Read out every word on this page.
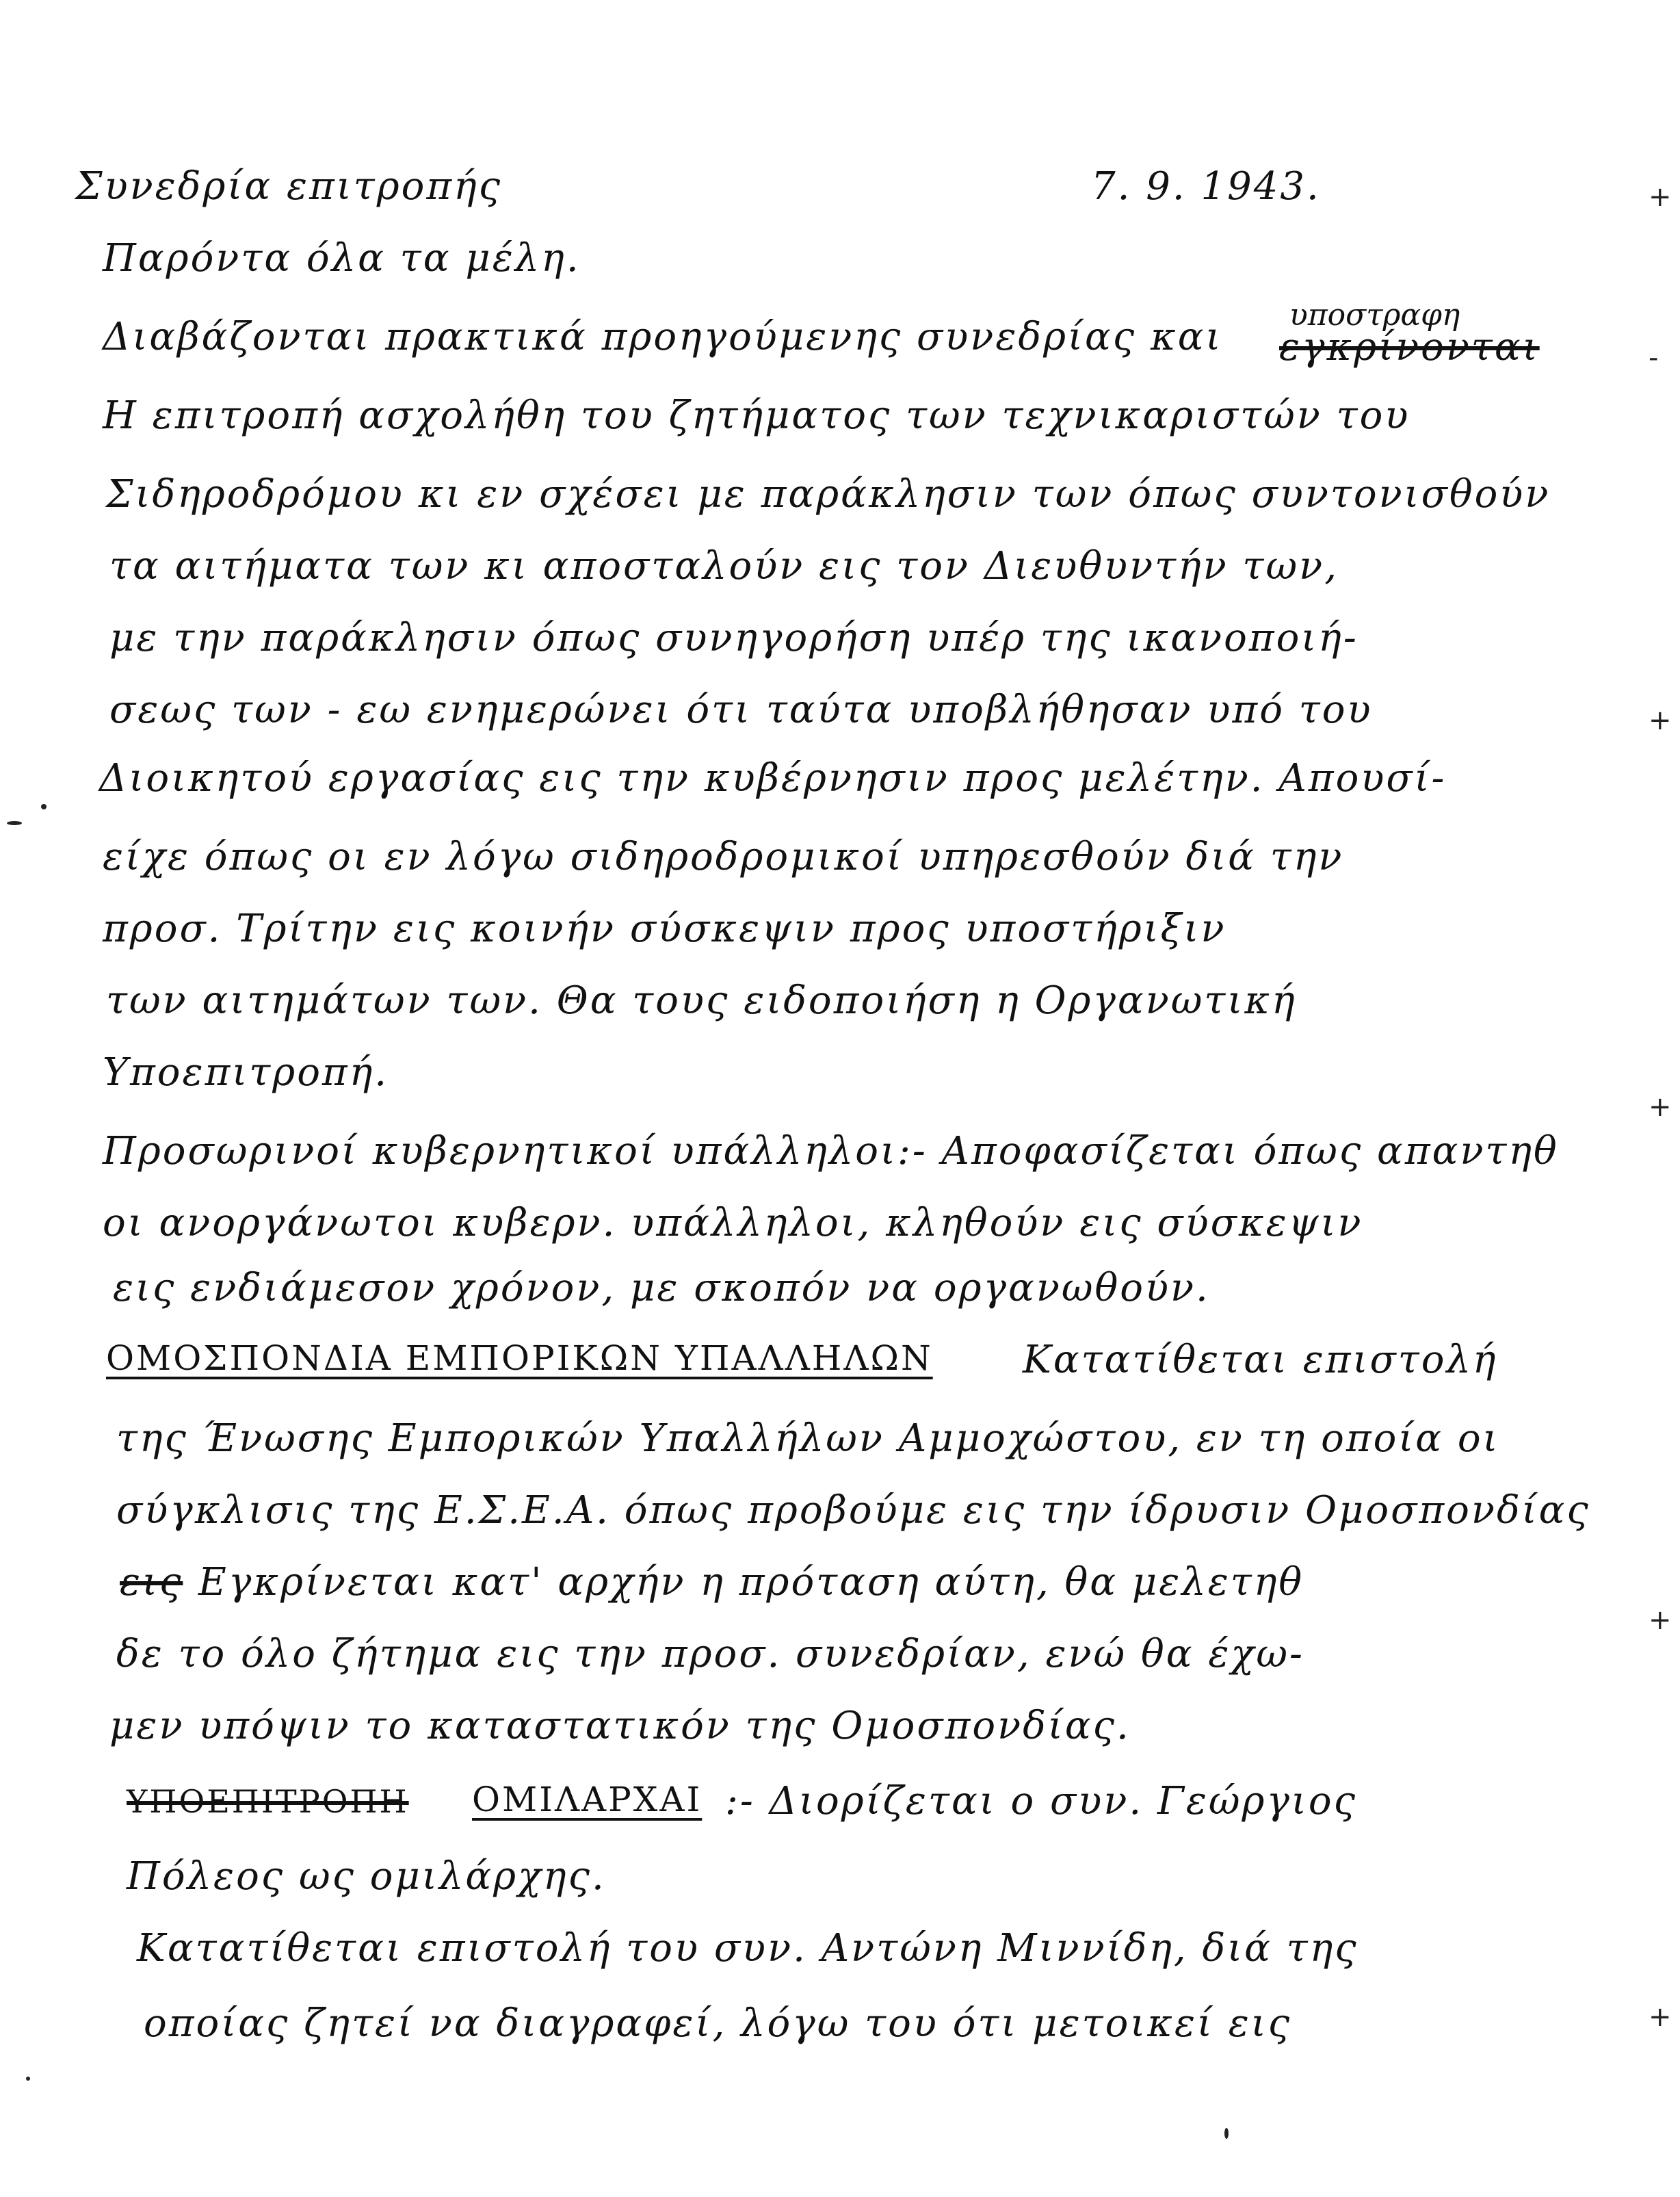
Συνεδρία επιτροπής	7. 9. 1943.
Παρόντα όλα τα μέλη.
Διαβάζονται πρακτικά προηγούμενης συνεδρίας και υποστραφη
εγκρίνονται
Η επιτροπή ασχολήθη του ζητήματος των τεχνικαριστών του
Σιδηροδρόμου κι εν σχέσει με παράκλησιν των όπως συντονισθούν
τα αιτήματα των κι αποσταλούν εις τον Διευθυντήν των,
με την παράκλησιν όπως συνηγορήση υπέρ της ικανοποιή-
σεως των - εω ενημερώνει ότι ταύτα υποβλήθησαν υπό του
Διοικητού εργασίας εις την κυβέρνησιν προς μελέτην. Απουσί-
είχε όπως οι εν λόγω σιδηροδρομικοί υπηρεσθούν διά την
προσ. Τρίτην εις κοινήν σύσκεψιν προς υποστήριξιν
των αιτημάτων των. Θα τους ειδοποιήση η Οργανωτική
Υποεπιτροπή.
Προσωρινοί κυβερνητικοί υπάλληλοι:- Αποφασίζεται όπως απαντηθ
οι ανοργάνωτοι κυβερν. υπάλληλοι, κληθούν εις σύσκεψιν
εις ενδιάμεσον χρόνον, με σκοπόν να οργανωθούν.
ΟΜΟΣΠΟΝΔΙΑ ΕΜΠΟΡΙΚΩΝ ΥΠΑΛΛΗΛΩΝ Κατατίθεται επιστολή
της Ένωσης Εμπορικών Υπαλλήλων Αμμοχώστου, εν τη οποία οι
σύγκλισις της Ε.Σ.Ε.Α. όπως προβούμε εις την ίδρυσιν Ομοσπονδίας
εις Εγκρίνεται κατ' αρχήν η πρόταση αύτη, θα μελετηθ
δε το όλο ζήτημα εις την προσ. συνεδρίαν, ενώ θα έχω-
μεν υπόψιν το καταστατικόν της Ομοσπονδίας.
ΥΠΟΕΠΙΤΡΟΠΗ ΟΜΙΛΑΡΧΑΙ :- Διορίζεται ο συν. Γεώργιος
Πόλεος ως ομιλάρχης.
Κατατίθεται επιστολή του συν. Αντώνη Μιννίδη, διά της
οποίας ζητεί να διαγραφεί, λόγω του ότι μετοικεί εις
+
+
+
+
+
-
